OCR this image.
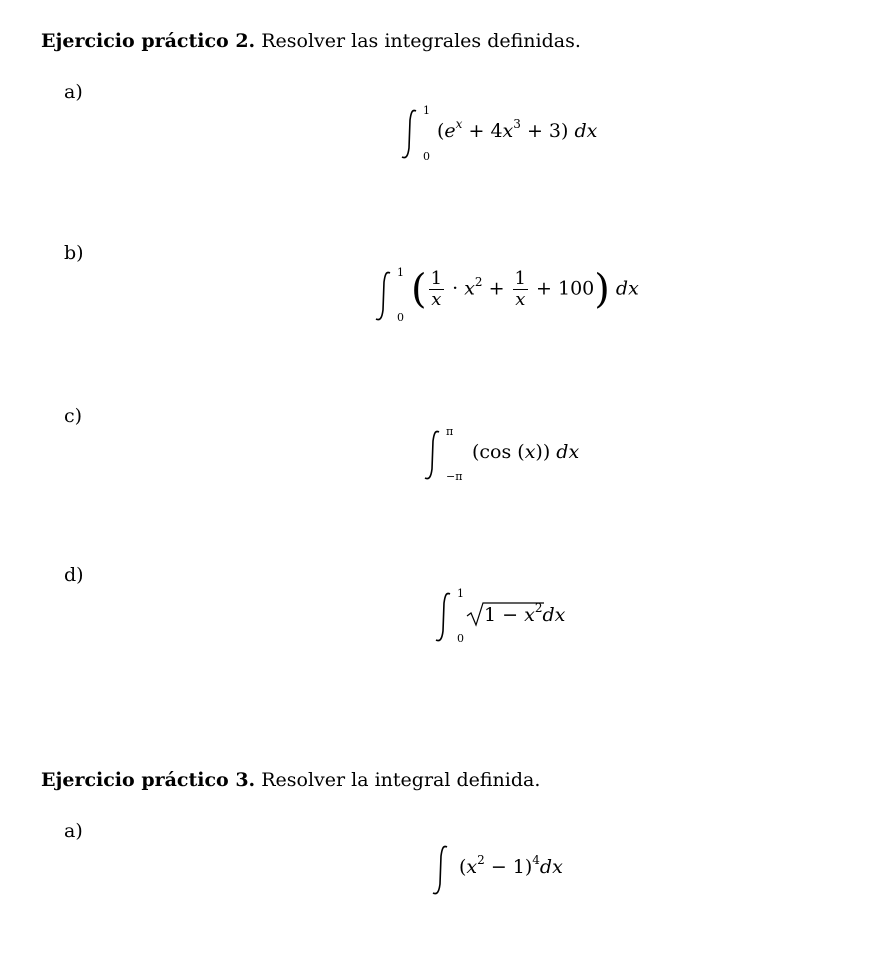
Ejercicio práctico 2. Resolver las integrales definidas.
a)
1
0
$(e^x + 4x^3 + 3)$ dx
b)
1
0
( $\frac{1}{x} \cdot x^2 + \frac{1}{x} + 100$) dx
c)
π
−π
(cos (x)) dx
d)
1
0
$1 - x^2dx$
Ejercicio práctico 3. Resolver la integral definida.
a)
$(x^2 - 1)^4dx$
